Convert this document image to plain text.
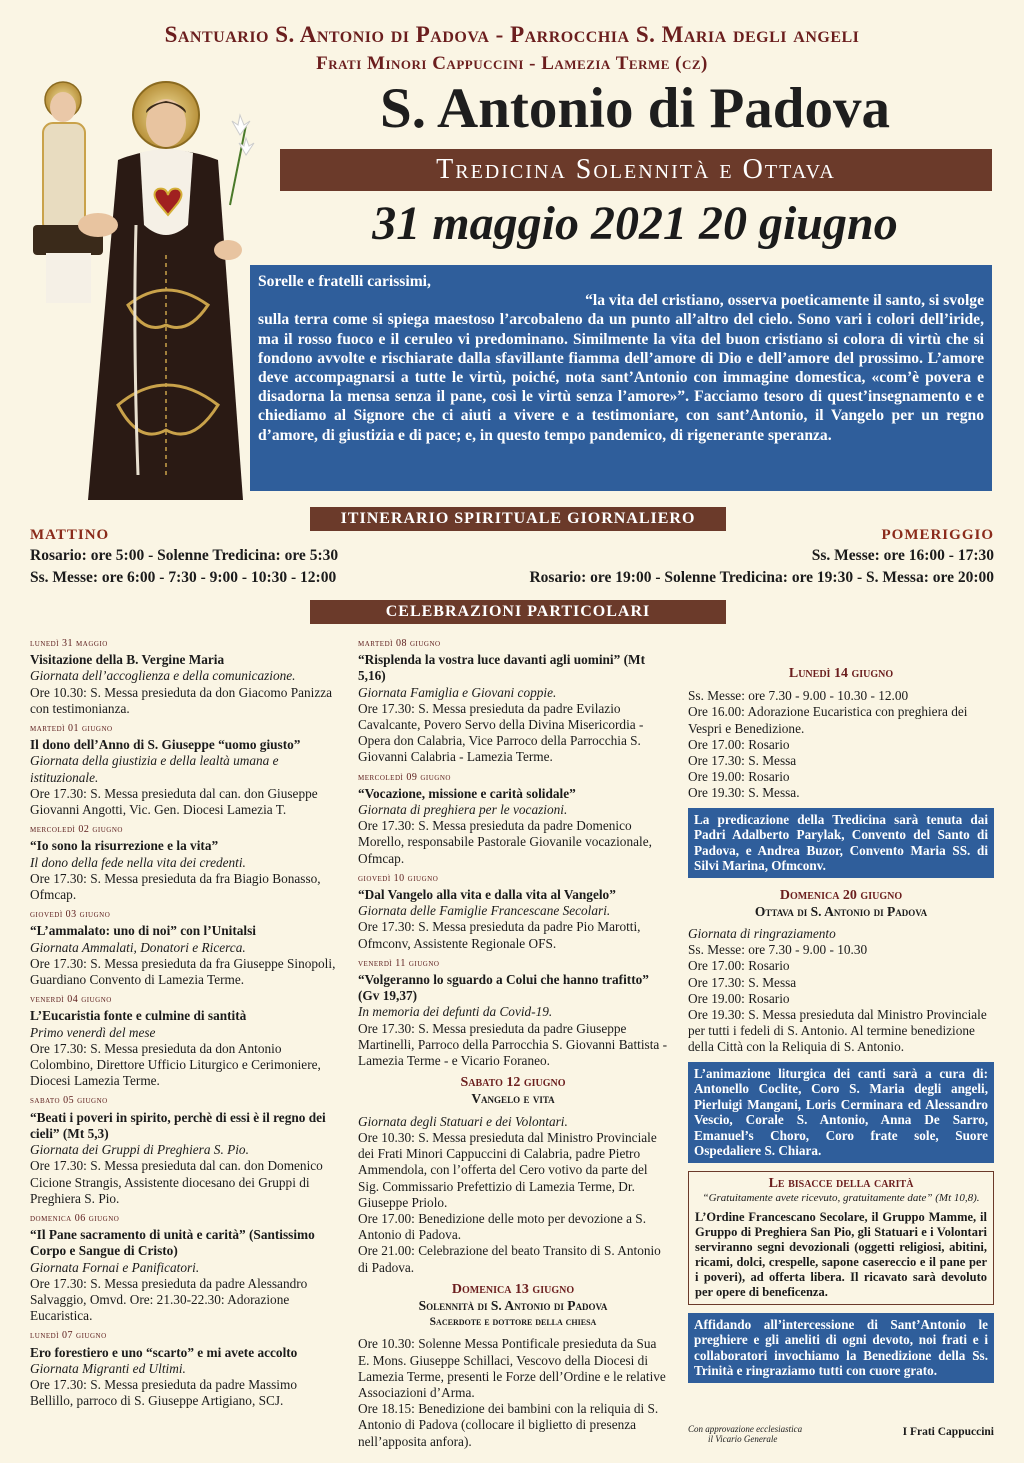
Santuario S. Antonio di Padova - Parrocchia S. Maria degli angeli
Frati Minori Cappuccini - Lamezia Terme (cz)
S. Antonio di Padova
Tredicina Solennità e Ottava
31 maggio 2021 20 giugno
Sorelle e fratelli carissimi,
“la vita del cristiano, osserva poeticamente il santo, si svolge
sulla terra come si spiega maestoso l’arcobaleno da un punto all’altro del cielo. Sono vari i colori dell’iride, ma il rosso fuoco e il ceruleo vi predominano. Similmente la vita del buon cristiano si colora di virtù che si fondono avvolte e rischiarate dalla sfavillante fiamma dell’amore di Dio e dell’amore del prossimo. L’amore deve accompagnarsi a tutte le virtù, poiché, nota sant’Antonio con immagine domestica, «com’è povera e disadorna la mensa senza il pane, così le virtù senza l’amore»”. Facciamo tesoro di quest’insegnamento e e chiediamo al Signore che ci aiuti a vivere e a testimoniare, con sant’Antonio, il Vangelo per un regno d’amore, di giustizia e di pace; e, in questo tempo pandemico, di rigenerante speranza.
ITINERARIO SPIRITUALE GIORNALIERO
MATTINO
Rosario: ore 5:00 - Solenne Tredicina: ore 5:30
Ss. Messe: ore 6:00 - 7:30 - 9:00 - 10:30 - 12:00
POMERIGGIO
Ss. Messe: ore 16:00 - 17:30
Rosario: ore 19:00 - Solenne Tredicina: ore 19:30 - S. Messa: ore 20:00
CELEBRAZIONI PARTICOLARI
lunedì 31 maggio
Visitazione della B. Vergine Maria
Giornata dell’accoglienza e della comunicazione.
Ore 10.30: S. Messa presieduta da don Giacomo Panizza con testimonianza.
martedì 01 giugno
Il dono dell’Anno di S. Giuseppe “uomo giusto”
Giornata della giustizia e della lealtà umana e istituzionale.
Ore 17.30: S. Messa presieduta dal can. don Giuseppe Giovanni Angotti, Vic. Gen. Diocesi Lamezia T.
mercoledì 02 giugno
“Io sono la risurrezione e la vita”
Il dono della fede nella vita dei credenti.
Ore 17.30: S. Messa presieduta da fra Biagio Bonasso, Ofmcap.
giovedì 03 giugno
“L’ammalato: uno di noi” con l’Unitalsi
Giornata Ammalati, Donatori e Ricerca.
Ore 17.30: S. Messa presieduta da fra Giuseppe Sinopoli, Guardiano Convento di Lamezia Terme.
venerdì 04 giugno
L’Eucaristia fonte e culmine di santità
Primo venerdì del mese
Ore 17.30: S. Messa presieduta da don Antonio Colombino, Direttore Ufficio Liturgico e Cerimoniere, Diocesi Lamezia Terme.
sabato 05 giugno
“Beati i poveri in spirito, perchè di essi è il regno dei cieli” (Mt 5,3)
Giornata dei Gruppi di Preghiera S. Pio.
Ore 17.30: S. Messa presieduta dal can. don Domenico Cicione Strangis, Assistente diocesano dei Gruppi di Preghiera S. Pio.
domenica 06 giugno
“Il Pane sacramento di unità e carità” (Santissimo Corpo e Sangue di Cristo)
Giornata Fornai e Panificatori.
Ore 17.30: S. Messa presieduta da padre Alessandro Salvaggio, Omvd. Ore: 21.30-22.30: Adorazione Eucaristica.
lunedì 07 giugno
Ero forestiero e uno “scarto” e mi avete accolto
Giornata Migranti ed Ultimi.
Ore 17.30: S. Messa presieduta da padre Massimo Bellillo, parroco di S. Giuseppe Artigiano, SCJ.
martedì 08 giugno
“Risplenda la vostra luce davanti agli uomini” (Mt 5,16)
Giornata Famiglia e Giovani coppie.
Ore 17.30: S. Messa presieduta da padre Evilazio Cavalcante, Povero Servo della Divina Misericordia - Opera don Calabria, Vice Parroco della Parrocchia S. Giovanni Calabria - Lamezia Terme.
mercoledì 09 giugno
“Vocazione, missione e carità solidale”
Giornata di preghiera per le vocazioni.
Ore 17.30: S. Messa presieduta da padre Domenico Morello, responsabile Pastorale Giovanile vocazionale, Ofmcap.
giovedì 10 giugno
“Dal Vangelo alla vita e dalla vita al Vangelo”
Giornata delle Famiglie Francescane Secolari.
Ore 17.30: S. Messa presieduta da padre Pio Marotti, Ofmconv, Assistente Regionale OFS.
venerdì 11 giugno
“Volgeranno lo sguardo a Colui che hanno trafitto” (Gv 19,37)
In memoria dei defunti da Covid-19.
Ore 17.30: S. Messa presieduta da padre Giuseppe Martinelli, Parroco della Parrocchia S. Giovanni Battista - Lamezia Terme - e Vicario Foraneo.
Sabato 12 giugno
Vangelo e vita
Giornata degli Statuari e dei Volontari.
Ore 10.30: S. Messa presieduta dal Ministro Provinciale dei Frati Minori Cappuccini di Calabria, padre Pietro Ammendola, con l’offerta del Cero votivo da parte del Sig. Commissario Prefettizio di Lamezia Terme, Dr. Giuseppe Priolo.
Ore 17.00: Benedizione delle moto per devozione a S. Antonio di Padova.
Ore 21.00: Celebrazione del beato Transito di S. Antonio di Padova.
Domenica 13 giugno
Solennità di S. Antonio di Padova
Sacerdote e dottore della chiesa
Ore 10.30: Solenne Messa Pontificale presieduta da Sua E. Mons. Giuseppe Schillaci, Vescovo della Diocesi di Lamezia Terme, presenti le Forze dell’Ordine e le relative Associazioni d’Arma.
Ore 18.15: Benedizione dei bambini con la reliquia di S. Antonio di Padova (collocare il biglietto di presenza nell’apposita anfora).
Lunedì 14 giugno
Ss. Messe: ore 7.30 - 9.00 - 10.30 - 12.00
Ore 16.00: Adorazione Eucaristica con preghiera dei Vespri e Benedizione.
Ore 17.00: Rosario
Ore 17.30: S. Messa
Ore 19.00: Rosario
Ore 19.30: S. Messa.
La predicazione della Tredicina sarà tenuta dai Padri Adalberto Parylak, Convento del Santo di Padova, e Andrea Buzor, Convento Maria SS. di Silvi Marina, Ofmconv.
Domenica 20 giugno
Ottava di S. Antonio di Padova
Giornata di ringraziamento
Ss. Messe: ore 7.30 - 9.00 - 10.30
Ore 17.00: Rosario
Ore 17.30: S. Messa
Ore 19.00: Rosario
Ore 19.30: S. Messa presieduta dal Ministro Provinciale per tutti i fedeli di S. Antonio. Al termine benedizione della Città con la Reliquia di S. Antonio.
L’animazione liturgica dei canti sarà a cura di: Antonello Coclite, Coro S. Maria degli angeli, Pierluigi Mangani, Loris Cerminara ed Alessandro Vescio, Corale S. Antonio, Anna De Sarro, Emanuel’s Choro, Coro frate sole, Suore Ospedaliere S. Chiara.
Le bisacce della carità
“Gratuitamente avete ricevuto, gratuitamente date” (Mt 10,8).
L’Ordine Francescano Secolare, il Gruppo Mamme, il Gruppo di Preghiera San Pio, gli Statuari e i Volontari serviranno segni devozionali (oggetti religiosi, abitini, ricami, dolci, crespelle, sapone casereccio e il pane per i poveri), ad offerta libera. Il ricavato sarà devoluto per opere di beneficenza.
Affidando all’intercessione di Sant’Antonio le preghiere e gli aneliti di ogni devoto, noi frati e i collaboratori invochiamo la Benedizione della Ss. Trinità e ringraziamo tutti con cuore grato.
Con approvazione ecclesiastica
il Vicario Generale
I Frati Cappuccini
